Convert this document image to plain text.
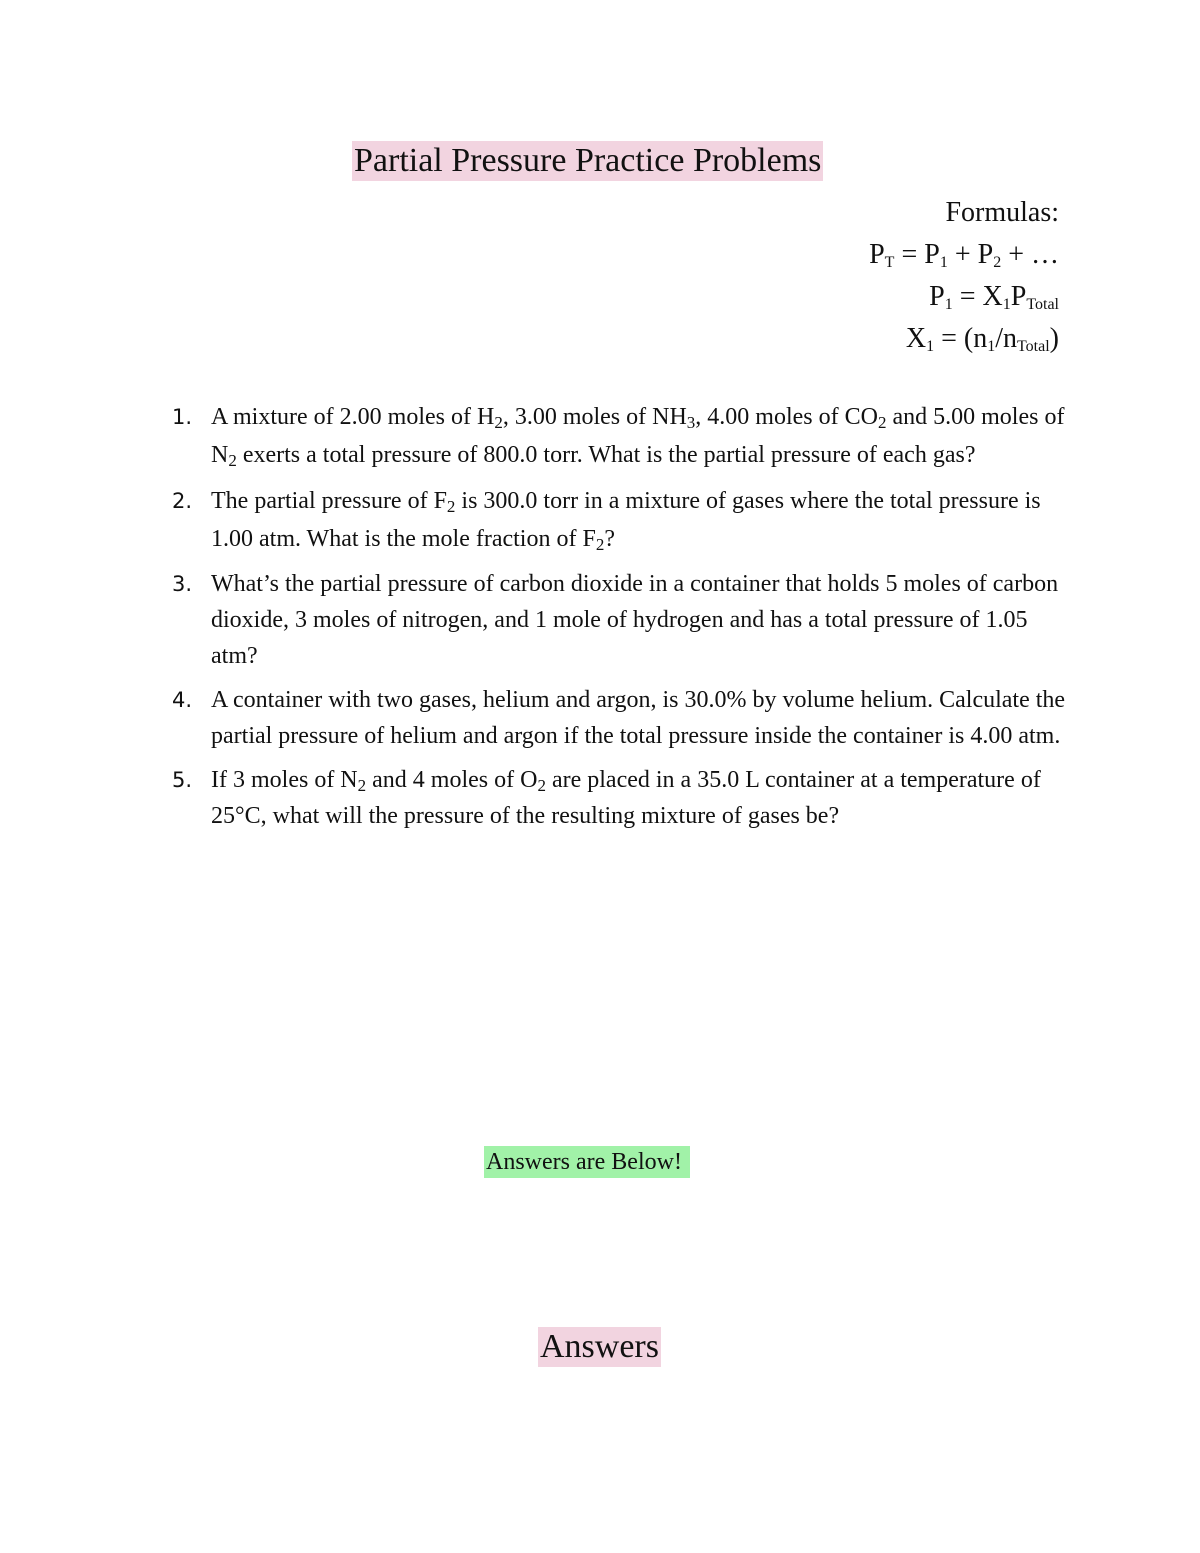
Partial Pressure Practice Problems
Formulas:
$P_T = P_1 + P_2$ + …
$P_1 = X_1P_{Total}$
$X_1 = (n_1/n_{Total})$
1. A mixture of 2.00 moles of $H_2$, 3.00 moles of $NH_3$, 4.00 moles of $CO_2$ and 5.00 moles of $N_2$ exerts a total pressure of 800.0 torr. What is the partial pressure of each gas?
2. The partial pressure of $F_2$ is 300.0 torr in a mixture of gases where the total pressure is 1.00 atm. What is the mole fraction of $F_2$?
3. What’s the partial pressure of carbon dioxide in a container that holds 5 moles of carbon dioxide, 3 moles of nitrogen, and 1 mole of hydrogen and has a total pressure of 1.05 atm?
4. A container with two gases, helium and argon, is 30.0% by volume helium. Calculate the partial pressure of helium and argon if the total pressure inside the container is 4.00 atm.
5. If 3 moles of $N_2$ and 4 moles of $O_2$ are placed in a 35.0 L container at a temperature of 25°C, what will the pressure of the resulting mixture of gases be?
Answers are Below!
Answers
